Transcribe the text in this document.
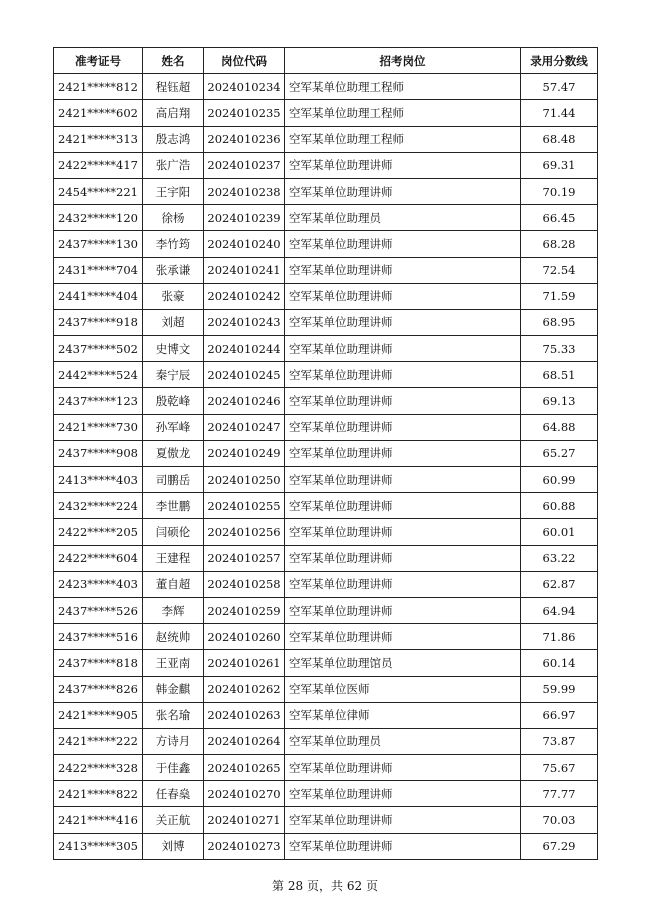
准考证号	姓名	岗位代码	招考岗位	录用分数线
2421*****812	程钰超	2024010234	空军某单位助理工程师	57.47
2421*****602	高启翔	2024010235	空军某单位助理工程师	71.44
2421*****313	殷志鸿	2024010236	空军某单位助理工程师	68.48
2422*****417	张广浩	2024010237	空军某单位助理讲师	69.31
2454*****221	王宇阳	2024010238	空军某单位助理讲师	70.19
2432*****120	徐杨	2024010239	空军某单位助理员	66.45
2437*****130	李竹筠	2024010240	空军某单位助理讲师	68.28
2431*****704	张承谦	2024010241	空军某单位助理讲师	72.54
2441*****404	张豪	2024010242	空军某单位助理讲师	71.59
2437*****918	刘超	2024010243	空军某单位助理讲师	68.95
2437*****502	史博文	2024010244	空军某单位助理讲师	75.33
2442*****524	秦宁辰	2024010245	空军某单位助理讲师	68.51
2437*****123	殷乾峰	2024010246	空军某单位助理讲师	69.13
2421*****730	孙军峰	2024010247	空军某单位助理讲师	64.88
2437*****908	夏傲龙	2024010249	空军某单位助理讲师	65.27
2413*****403	司鹏岳	2024010250	空军某单位助理讲师	60.99
2432*****224	李世鹏	2024010255	空军某单位助理讲师	60.88
2422*****205	闫硕伦	2024010256	空军某单位助理讲师	60.01
2422*****604	王建程	2024010257	空军某单位助理讲师	63.22
2423*****403	董自超	2024010258	空军某单位助理讲师	62.87
2437*****526	李辉	2024010259	空军某单位助理讲师	64.94
2437*****516	赵统帅	2024010260	空军某单位助理讲师	71.86
2437*****818	王亚南	2024010261	空军某单位助理馆员	60.14
2437*****826	韩金麒	2024010262	空军某单位医师	59.99
2421*****905	张名瑜	2024010263	空军某单位律师	66.97
2421*****222	方诗月	2024010264	空军某单位助理员	73.87
2422*****328	于佳鑫	2024010265	空军某单位助理讲师	75.67
2421*****822	任春燊	2024010270	空军某单位助理讲师	77.77
2421*****416	关正航	2024010271	空军某单位助理讲师	70.03
2413*****305	刘博	2024010273	空军某单位助理讲师	67.29
第 28 页，共 62 页
